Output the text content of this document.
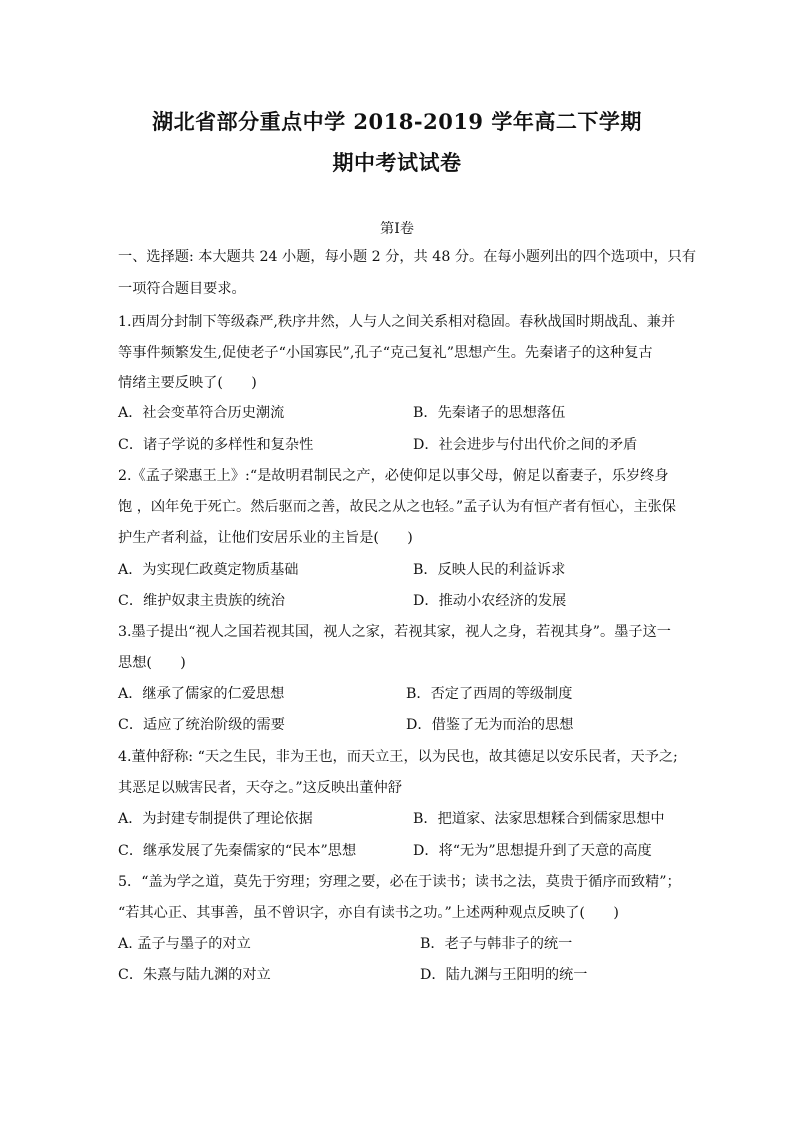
湖北省部分重点中学 2018-2019 学年高二下学期
期中考试试卷
第Ⅰ卷
一、选择题: 本大题共 24 小题，每小题 2 分，共 48 分。在每小题列出的四个选项中，只有
一项符合题目要求。
1.西周分封制下等级森严,秩序井然，人与人之间关系相对稳固。春秋战国时期战乱、兼并
等事件频繁发生,促使老子“小国寡民”,孔子“克己复礼”思想产生。先秦诸子的这种复古
情绪主要反映了(　　)
A．社会变革符合历史潮流	B．先秦诸子的思想落伍
C．诸子学说的多样性和复杂性	D．社会进步与付出代价之间的矛盾
2.《孟子梁惠王上》:“是故明君制民之产，必使仰足以事父母，俯足以畜妻子，乐岁终身
饱 ，凶年免于死亡。然后驱而之善，故民之从之也轻。”孟子认为有恒产者有恒心，主张保
护生产者利益，让他们安居乐业的主旨是(　　)
A．为实现仁政奠定物质基础	B．反映人民的利益诉求
C．维护奴隶主贵族的统治	D．推动小农经济的发展
3.墨子提出“视人之国若视其国，视人之家，若视其家，视人之身，若视其身”。墨子这一
思想(　　)
A．继承了儒家的仁爱思想	B．否定了西周的等级制度
C．适应了统治阶级的需要	D．借鉴了无为而治的思想
4.董仲舒称: “天之生民，非为王也，而天立王，以为民也，故其德足以安乐民者，天予之;
其恶足以贼害民者，天夺之。”这反映出董仲舒
A．为封建专制提供了理论依据	B．把道家、法家思想糅合到儒家思想中
C．继承发展了先秦儒家的“民本”思想	D．将“无为”思想提升到了天意的高度
5．“盖为学之道，莫先于穷理；穷理之要，必在于读书；读书之法，莫贵于循序而致精”；
“若其心正、其事善，虽不曾识字，亦自有读书之功。”上述两种观点反映了(　　)
A. 孟子与墨子的对立	B．老子与韩非子的统一
C．朱熹与陆九渊的对立	D．陆九渊与王阳明的统一
